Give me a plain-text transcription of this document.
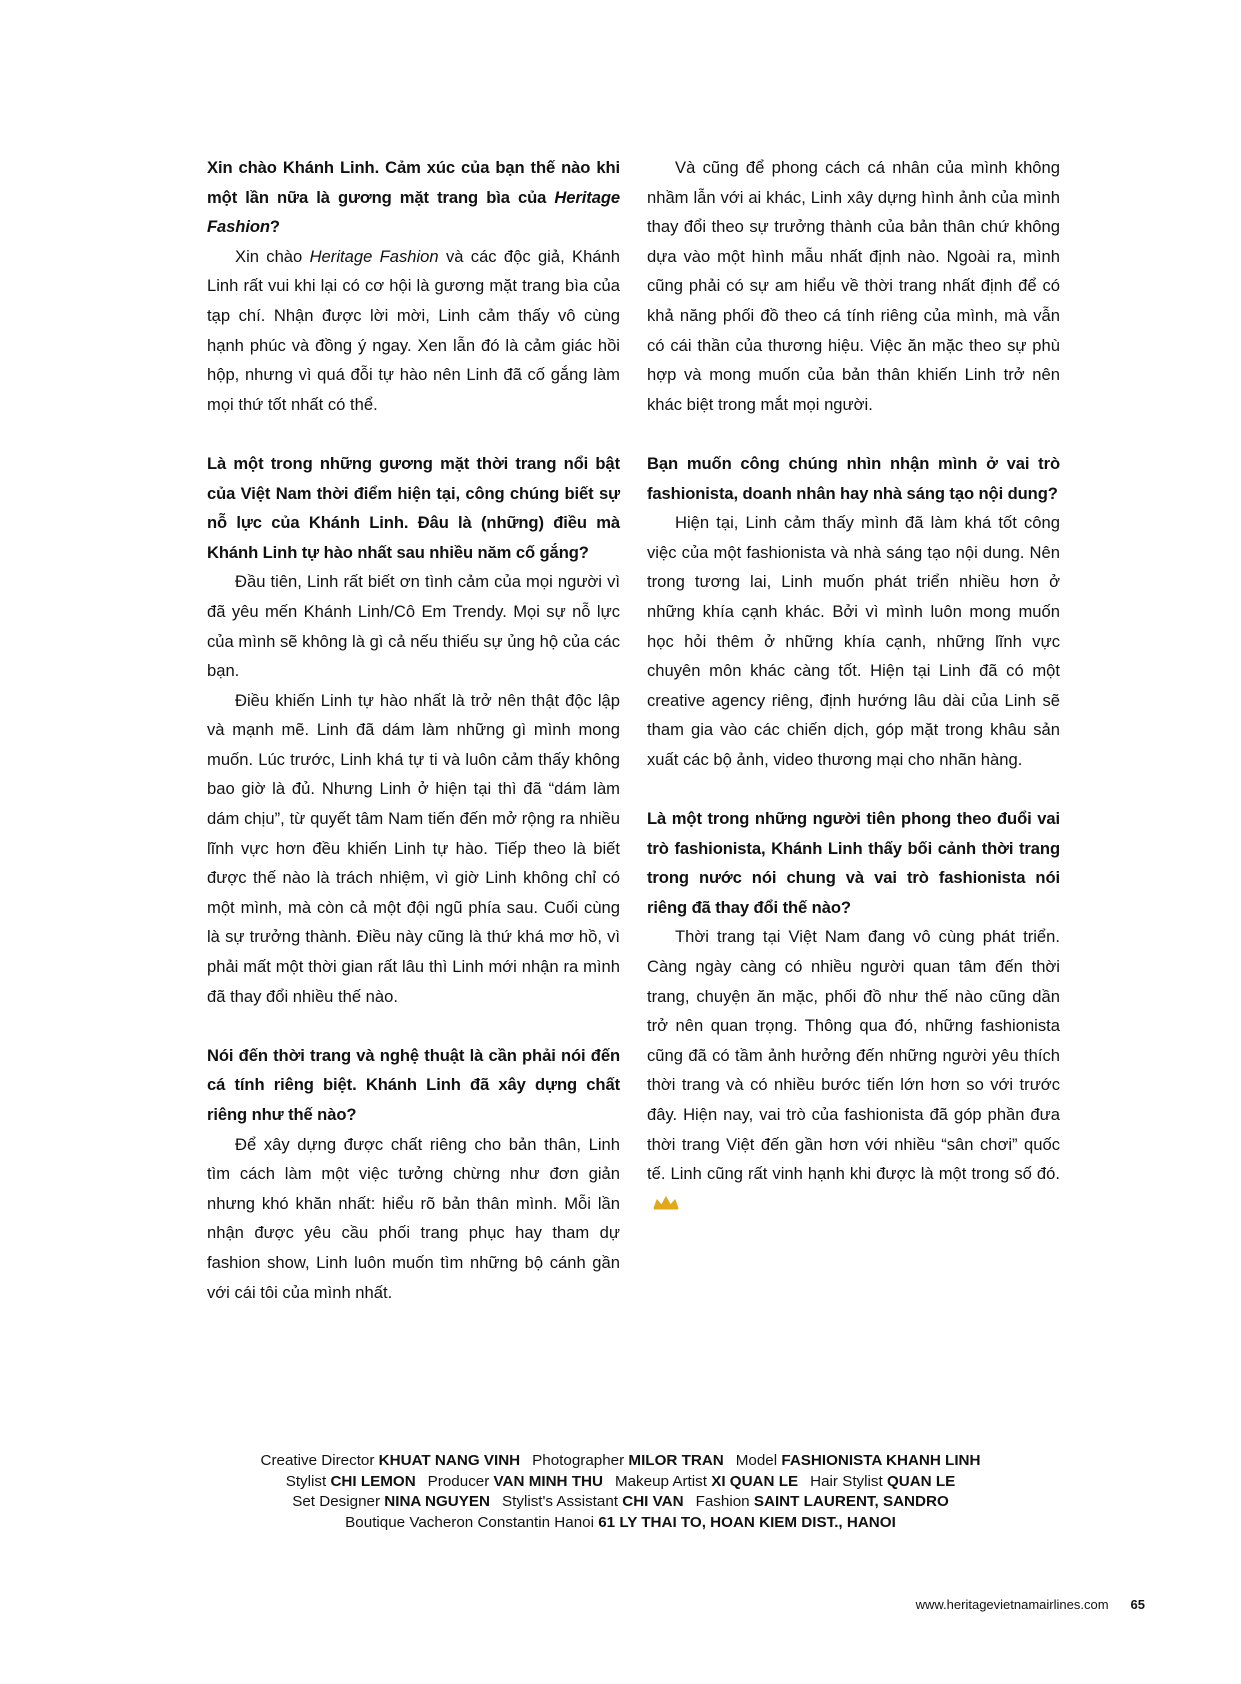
Xin chào Khánh Linh. Cảm xúc của bạn thế nào khi một lần nữa là gương mặt trang bìa của Heritage Fashion?

Xin chào Heritage Fashion và các độc giả, Khánh Linh rất vui khi lại có cơ hội là gương mặt trang bìa của tạp chí. Nhận được lời mời, Linh cảm thấy vô cùng hạnh phúc và đồng ý ngay. Xen lẫn đó là cảm giác hồi hộp, nhưng vì quá đỗi tự hào nên Linh đã cố gắng làm mọi thứ tốt nhất có thể.

Là một trong những gương mặt thời trang nổi bật của Việt Nam thời điểm hiện tại, công chúng biết sự nỗ lực của Khánh Linh. Đâu là (những) điều mà Khánh Linh tự hào nhất sau nhiều năm cố gắng?

Đầu tiên, Linh rất biết ơn tình cảm của mọi người vì đã yêu mến Khánh Linh/Cô Em Trendy. Mọi sự nỗ lực của mình sẽ không là gì cả nếu thiếu sự ủng hộ của các bạn.

Điều khiến Linh tự hào nhất là trở nên thật độc lập và mạnh mẽ. Linh đã dám làm những gì mình mong muốn. Lúc trước, Linh khá tự ti và luôn cảm thấy không bao giờ là đủ. Nhưng Linh ở hiện tại thì đã “dám làm dám chịu”, từ quyết tâm Nam tiến đến mở rộng ra nhiều lĩnh vực hơn đều khiến Linh tự hào. Tiếp theo là biết được thế nào là trách nhiệm, vì giờ Linh không chỉ có một mình, mà còn cả một đội ngũ phía sau. Cuối cùng là sự trưởng thành. Điều này cũng là thứ khá mơ hồ, vì phải mất một thời gian rất lâu thì Linh mới nhận ra mình đã thay đổi nhiều thế nào.

Nói đến thời trang và nghệ thuật là cần phải nói đến cá tính riêng biệt. Khánh Linh đã xây dựng chất riêng như thế nào?

Để xây dựng được chất riêng cho bản thân, Linh tìm cách làm một việc tưởng chừng như đơn giản nhưng khó khăn nhất: hiểu rõ bản thân mình. Mỗi lần nhận được yêu cầu phối trang phục hay tham dự fashion show, Linh luôn muốn tìm những bộ cánh gần với cái tôi của mình nhất.

Và cũng để phong cách cá nhân của mình không nhầm lẫn với ai khác, Linh xây dựng hình ảnh của mình thay đổi theo sự trưởng thành của bản thân chứ không dựa vào một hình mẫu nhất định nào. Ngoài ra, mình cũng phải có sự am hiểu về thời trang nhất định để có khả năng phối đồ theo cá tính riêng của mình, mà vẫn có cái thần của thương hiệu. Việc ăn mặc theo sự phù hợp và mong muốn của bản thân khiến Linh trở nên khác biệt trong mắt mọi người.

Bạn muốn công chúng nhìn nhận mình ở vai trò fashionista, doanh nhân hay nhà sáng tạo nội dung?

Hiện tại, Linh cảm thấy mình đã làm khá tốt công việc của một fashionista và nhà sáng tạo nội dung. Nên trong tương lai, Linh muốn phát triển nhiều hơn ở những khía cạnh khác. Bởi vì mình luôn mong muốn học hỏi thêm ở những khía cạnh, những lĩnh vực chuyên môn khác càng tốt. Hiện tại Linh đã có một creative agency riêng, định hướng lâu dài của Linh sẽ tham gia vào các chiến dịch, góp mặt trong khâu sản xuất các bộ ảnh, video thương mại cho nhãn hàng.

Là một trong những người tiên phong theo đuổi vai trò fashionista, Khánh Linh thấy bối cảnh thời trang trong nước nói chung và vai trò fashionista nói riêng đã thay đổi thế nào?

Thời trang tại Việt Nam đang vô cùng phát triển. Càng ngày càng có nhiều người quan tâm đến thời trang, chuyện ăn mặc, phối đồ như thế nào cũng dần trở nên quan trọng. Thông qua đó, những fashionista cũng đã có tầm ảnh hưởng đến những người yêu thích thời trang và có nhiều bước tiến lớn hơn so với trước đây. Hiện nay, vai trò của fashionista đã góp phần đưa thời trang Việt đến gần hơn với nhiều “sân chơi” quốc tế. Linh cũng rất vinh hạnh khi được là một trong số đó.

Creative Director KHUAT NANG VINH Photographer MILOR TRAN Model FASHIONISTA KHANH LINH
Stylist CHI LEMON Producer VAN MINH THU Makeup Artist XI QUAN LE Hair Stylist QUAN LE
Set Designer NINA NGUYEN Stylist's Assistant CHI VAN Fashion SAINT LAURENT, SANDRO
Boutique Vacheron Constantin Hanoi 61 LY THAI TO, HOAN KIEM DIST., HANOI
www.heritagevietnamairlines.com 65
